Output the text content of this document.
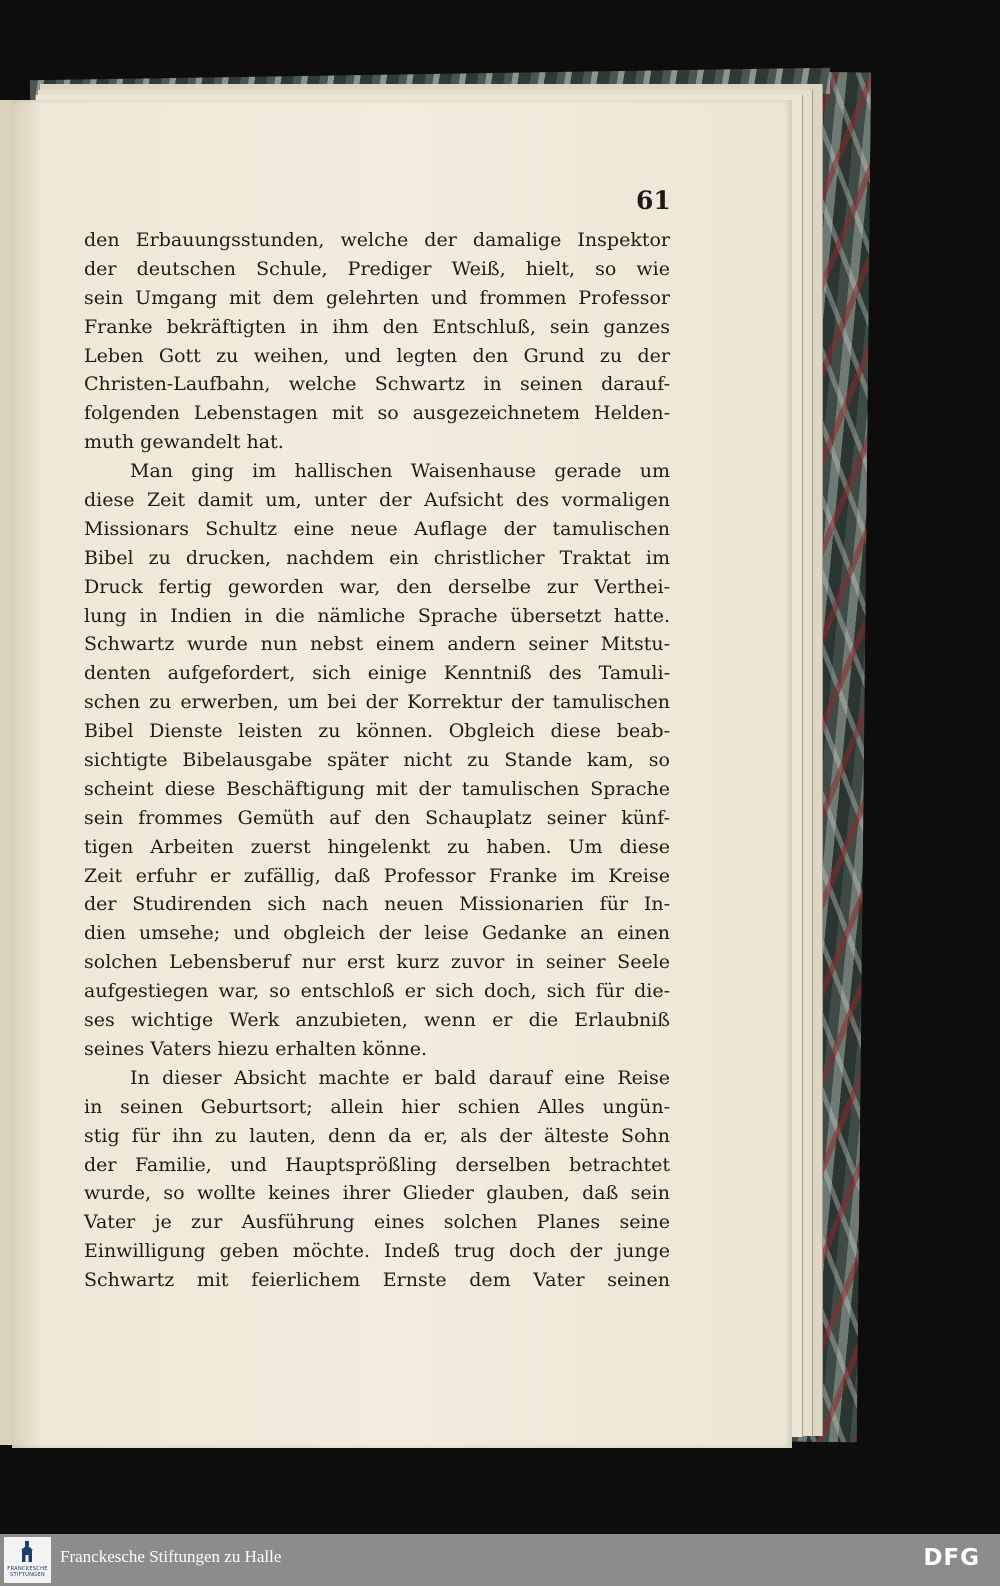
61
den Erbauungsstunden, welche der damalige Inspektor
der deutschen Schule, Prediger Weiß, hielt, so wie
sein Umgang mit dem gelehrten und frommen Professor
Franke bekräftigten in ihm den Entschluß, sein ganzes
Leben Gott zu weihen, und legten den Grund zu der
Christen-Laufbahn, welche Schwartz in seinen darauf-
folgenden Lebenstagen mit so ausgezeichnetem Helden-
muth gewandelt hat.
Man ging im hallischen Waisenhause gerade um
diese Zeit damit um, unter der Aufsicht des vormaligen
Missionars Schultz eine neue Auflage der tamulischen
Bibel zu drucken, nachdem ein christlicher Traktat im
Druck fertig geworden war, den derselbe zur Verthei-
lung in Indien in die nämliche Sprache übersetzt hatte.
Schwartz wurde nun nebst einem andern seiner Mitstu-
denten aufgefordert, sich einige Kenntniß des Tamuli-
schen zu erwerben, um bei der Korrektur der tamulischen
Bibel Dienste leisten zu können. Obgleich diese beab-
sichtigte Bibelausgabe später nicht zu Stande kam, so
scheint diese Beschäftigung mit der tamulischen Sprache
sein frommes Gemüth auf den Schauplatz seiner künf-
tigen Arbeiten zuerst hingelenkt zu haben. Um diese
Zeit erfuhr er zufällig, daß Professor Franke im Kreise
der Studirenden sich nach neuen Missionarien für In-
dien umsehe; und obgleich der leise Gedanke an einen
solchen Lebensberuf nur erst kurz zuvor in seiner Seele
aufgestiegen war, so entschloß er sich doch, sich für die-
ses wichtige Werk anzubieten, wenn er die Erlaubniß
seines Vaters hiezu erhalten könne.
In dieser Absicht machte er bald darauf eine Reise
in seinen Geburtsort; allein hier schien Alles ungün-
stig für ihn zu lauten, denn da er, als der älteste Sohn
der Familie, und Hauptsprößling derselben betrachtet
wurde, so wollte keines ihrer Glieder glauben, daß sein
Vater je zur Ausführung eines solchen Planes seine
Einwilligung geben möchte. Indeß trug doch der junge
Schwartz mit feierlichem Ernste dem Vater seinen
FRANCKESCHE STIFTUNGEN
Franckesche Stiftungen zu Halle	DFG
